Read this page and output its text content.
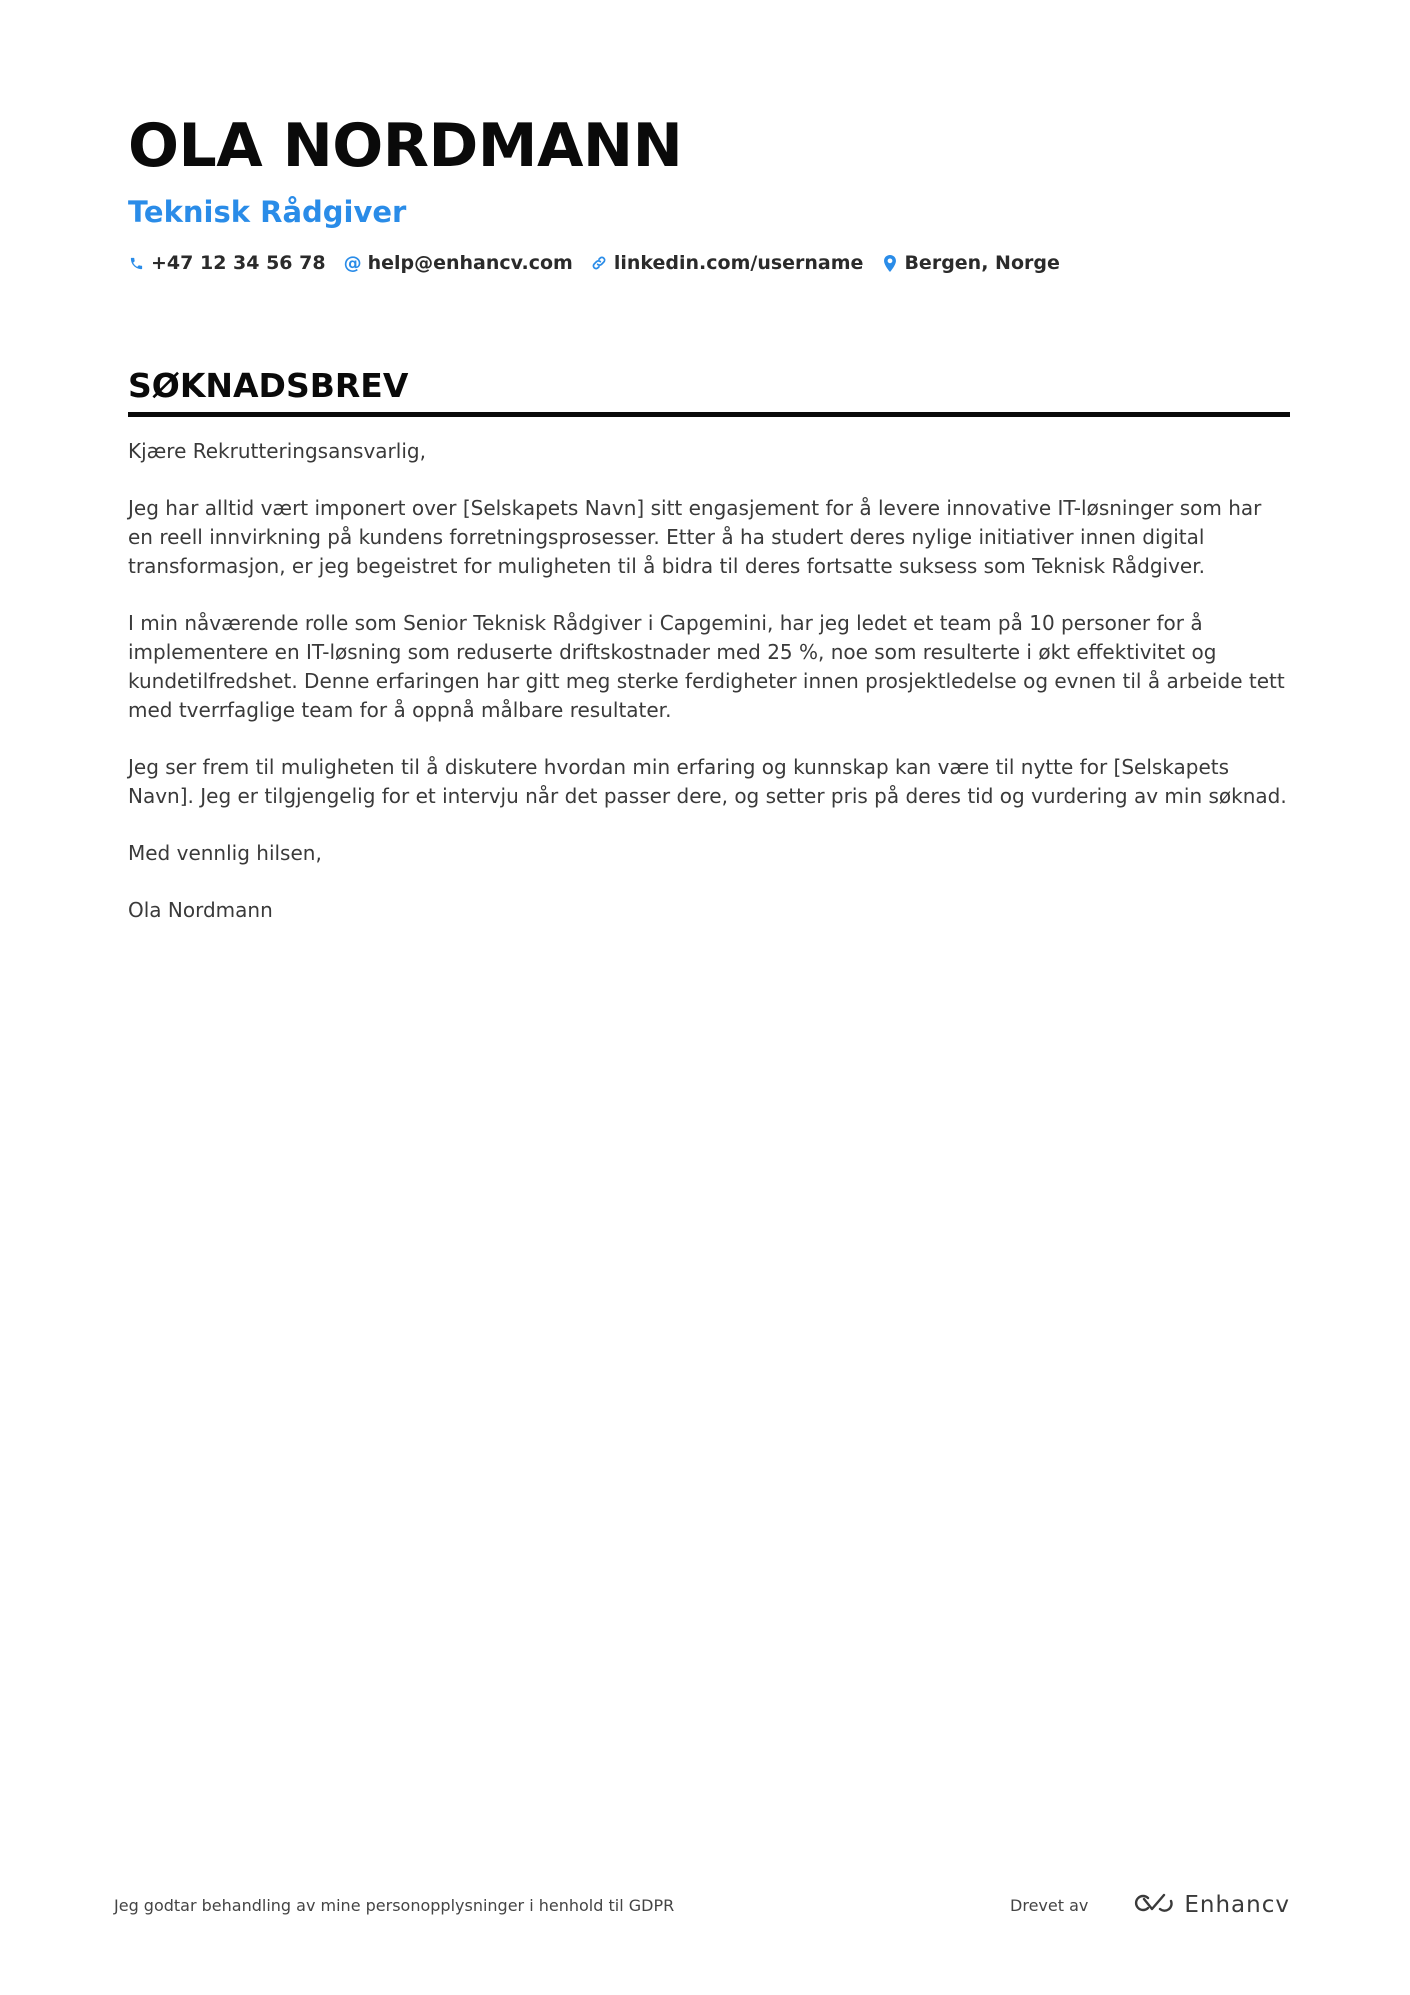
OLA NORDMANN
Teknisk Rådgiver
+47 12 34 56 78 @ help@enhancv.com linkedin.com/username Bergen, Norge
SØKNADSBREV

Kjære Rekrutteringsansvarlig,

Jeg har alltid vært imponert over [Selskapets Navn] sitt engasjement for å levere innovative IT-løsninger som har en reell innvirkning på kundens forretningsprosesser. Etter å ha studert deres nylige initiativer innen digital transformasjon, er jeg begeistret for muligheten til å bidra til deres fortsatte suksess som Teknisk Rådgiver.

I min nåværende rolle som Senior Teknisk Rådgiver i Capgemini, har jeg ledet et team på 10 personer for å implementere en IT-løsning som reduserte driftskostnader med 25 %, noe som resulterte i økt effektivitet og kundetilfredshet. Denne erfaringen har gitt meg sterke ferdigheter innen prosjektledelse og evnen til å arbeide tett med tverrfaglige team for å oppnå målbare resultater.

Jeg ser frem til muligheten til å diskutere hvordan min erfaring og kunnskap kan være til nytte for [Selskapets Navn]. Jeg er tilgjengelig for et intervju når det passer dere, og setter pris på deres tid og vurdering av min søknad.

Med vennlig hilsen,

Ola Nordmann

Jeg godtar behandling av mine personopplysninger i henhold til GDPR	Drevet av	Enhancv
